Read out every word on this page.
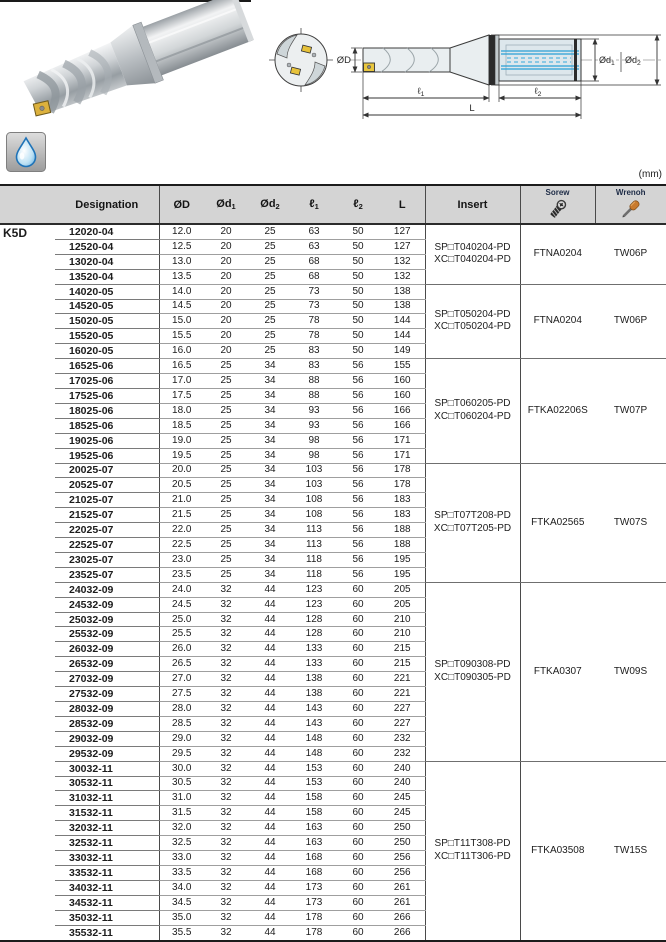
ØD	$Ød_1$ $Ød_2$
ℓ$_1$	ℓ$_2$
L
(mm)
	Designation	ØD	Ød1	Ød2	ℓ1	ℓ2	L	Insert	Sorew	Wrenoh

K5D	12020-04	12.0	20	25	63	50	127	SP□T040204-PD
XC□T040204-PD	FTNA0204	TW06P
	12520-04	12.5	20	25	63	50	127			
	13020-04	13.0	20	25	68	50	132			
	13520-04	13.5	20	25	68	50	132			
	14020-05	14.0	20	25	73	50	138	SP□T050204-PD
XC□T050204-PD	FTNA0204	TW06P
	14520-05	14.5	20	25	73	50	138			
	15020-05	15.0	20	25	78	50	144			
	15520-05	15.5	20	25	78	50	144			
	16020-05	16.0	20	25	83	50	149			
	16525-06	16.5	25	34	83	56	155	SP□T060205-PD
XC□T060204-PD	FTKA02206S	TW07P
	17025-06	17.0	25	34	88	56	160			
	17525-06	17.5	25	34	88	56	160			
	18025-06	18.0	25	34	93	56	166			
	18525-06	18.5	25	34	93	56	166			
	19025-06	19.0	25	34	98	56	171			
	19525-06	19.5	25	34	98	56	171			
	20025-07	20.0	25	34	103	56	178	SP□T07T208-PD
XC□T07T205-PD	FTKA02565	TW07S
	20525-07	20.5	25	34	103	56	178			
	21025-07	21.0	25	34	108	56	183			
	21525-07	21.5	25	34	108	56	183			
	22025-07	22.0	25	34	113	56	188			
	22525-07	22.5	25	34	113	56	188			
	23025-07	23.0	25	34	118	56	195			
	23525-07	23.5	25	34	118	56	195			
	24032-09	24.0	32	44	123	60	205	SP□T090308-PD
XC□T090305-PD	FTKA0307	TW09S
	24532-09	24.5	32	44	123	60	205			
	25032-09	25.0	32	44	128	60	210			
	25532-09	25.5	32	44	128	60	210			
	26032-09	26.0	32	44	133	60	215			
	26532-09	26.5	32	44	133	60	215			
	27032-09	27.0	32	44	138	60	221			
	27532-09	27.5	32	44	138	60	221			
	28032-09	28.0	32	44	143	60	227			
	28532-09	28.5	32	44	143	60	227			
	29032-09	29.0	32	44	148	60	232			
	29532-09	29.5	32	44	148	60	232			
	30032-11	30.0	32	44	153	60	240	SP□T11T308-PD
XC□T11T306-PD	FTKA03508	TW15S
	30532-11	30.5	32	44	153	60	240			
	31032-11	31.0	32	44	158	60	245			
	31532-11	31.5	32	44	158	60	245			
	32032-11	32.0	32	44	163	60	250			
	32532-11	32.5	32	44	163	60	250			
	33032-11	33.0	32	44	168	60	256			
	33532-11	33.5	32	44	168	60	256			
	34032-11	34.0	32	44	173	60	261			
	34532-11	34.5	32	44	173	60	261			
	35032-11	35.0	32	44	178	60	266			
	35532-11	35.5	32	44	178	60	266			
